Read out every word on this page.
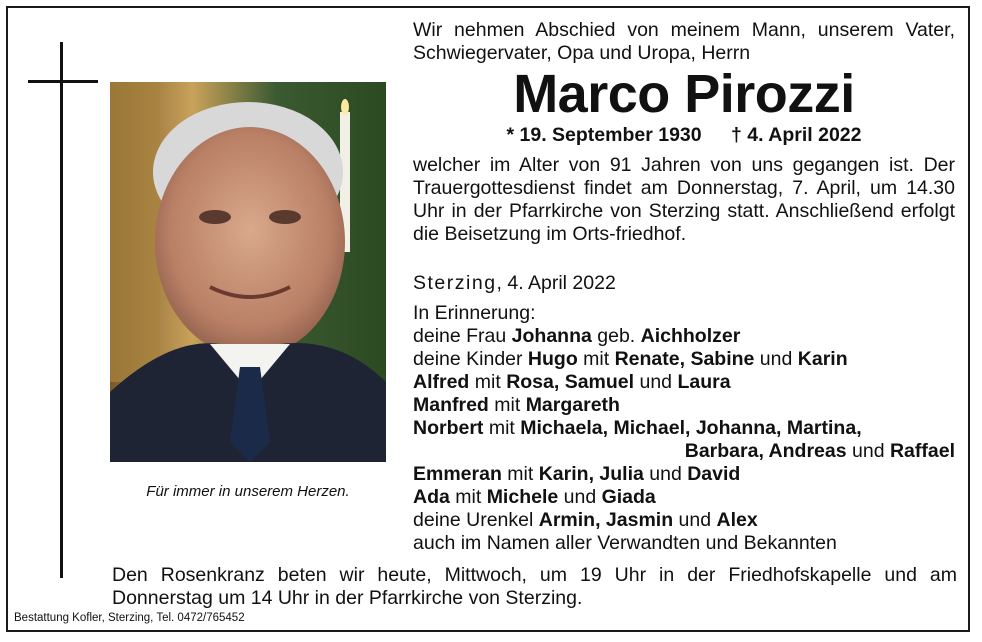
Für immer in unserem Herzen.
Wir nehmen Abschied von meinem Mann, unserem Vater, Schwiegervater, Opa und Uropa, Herrn
Marco Pirozzi
* 19. September 1930 † 4. April 2022
welcher im Alter von 91 Jahren von uns gegangen ist. Der Trauergottesdienst findet am Donnerstag, 7. April, um 14.30 Uhr in der Pfarrkirche von Sterzing statt. Anschließend erfolgt die Beisetzung im Orts-friedhof.
Sterzing, 4. April 2022

In Erinnerung:

deine Frau Johanna geb. Aichholzer

deine Kinder Hugo mit Renate, Sabine und Karin

Alfred mit Rosa, Samuel und Laura

Manfred mit Margareth

Norbert mit Michaela, Michael, Johanna, Martina,

Barbara, Andreas und Raffael

Emmeran mit Karin, Julia und David

Ada mit Michele und Giada

deine Urenkel Armin, Jasmin und Alex

auch im Namen aller Verwandten und Bekannten

Den Rosenkranz beten wir heute, Mittwoch, um 19 Uhr in der Friedhofskapelle und am Donnerstag um 14 Uhr in der Pfarrkirche von Sterzing.
Bestattung Kofler, Sterzing, Tel. 0472/765452
